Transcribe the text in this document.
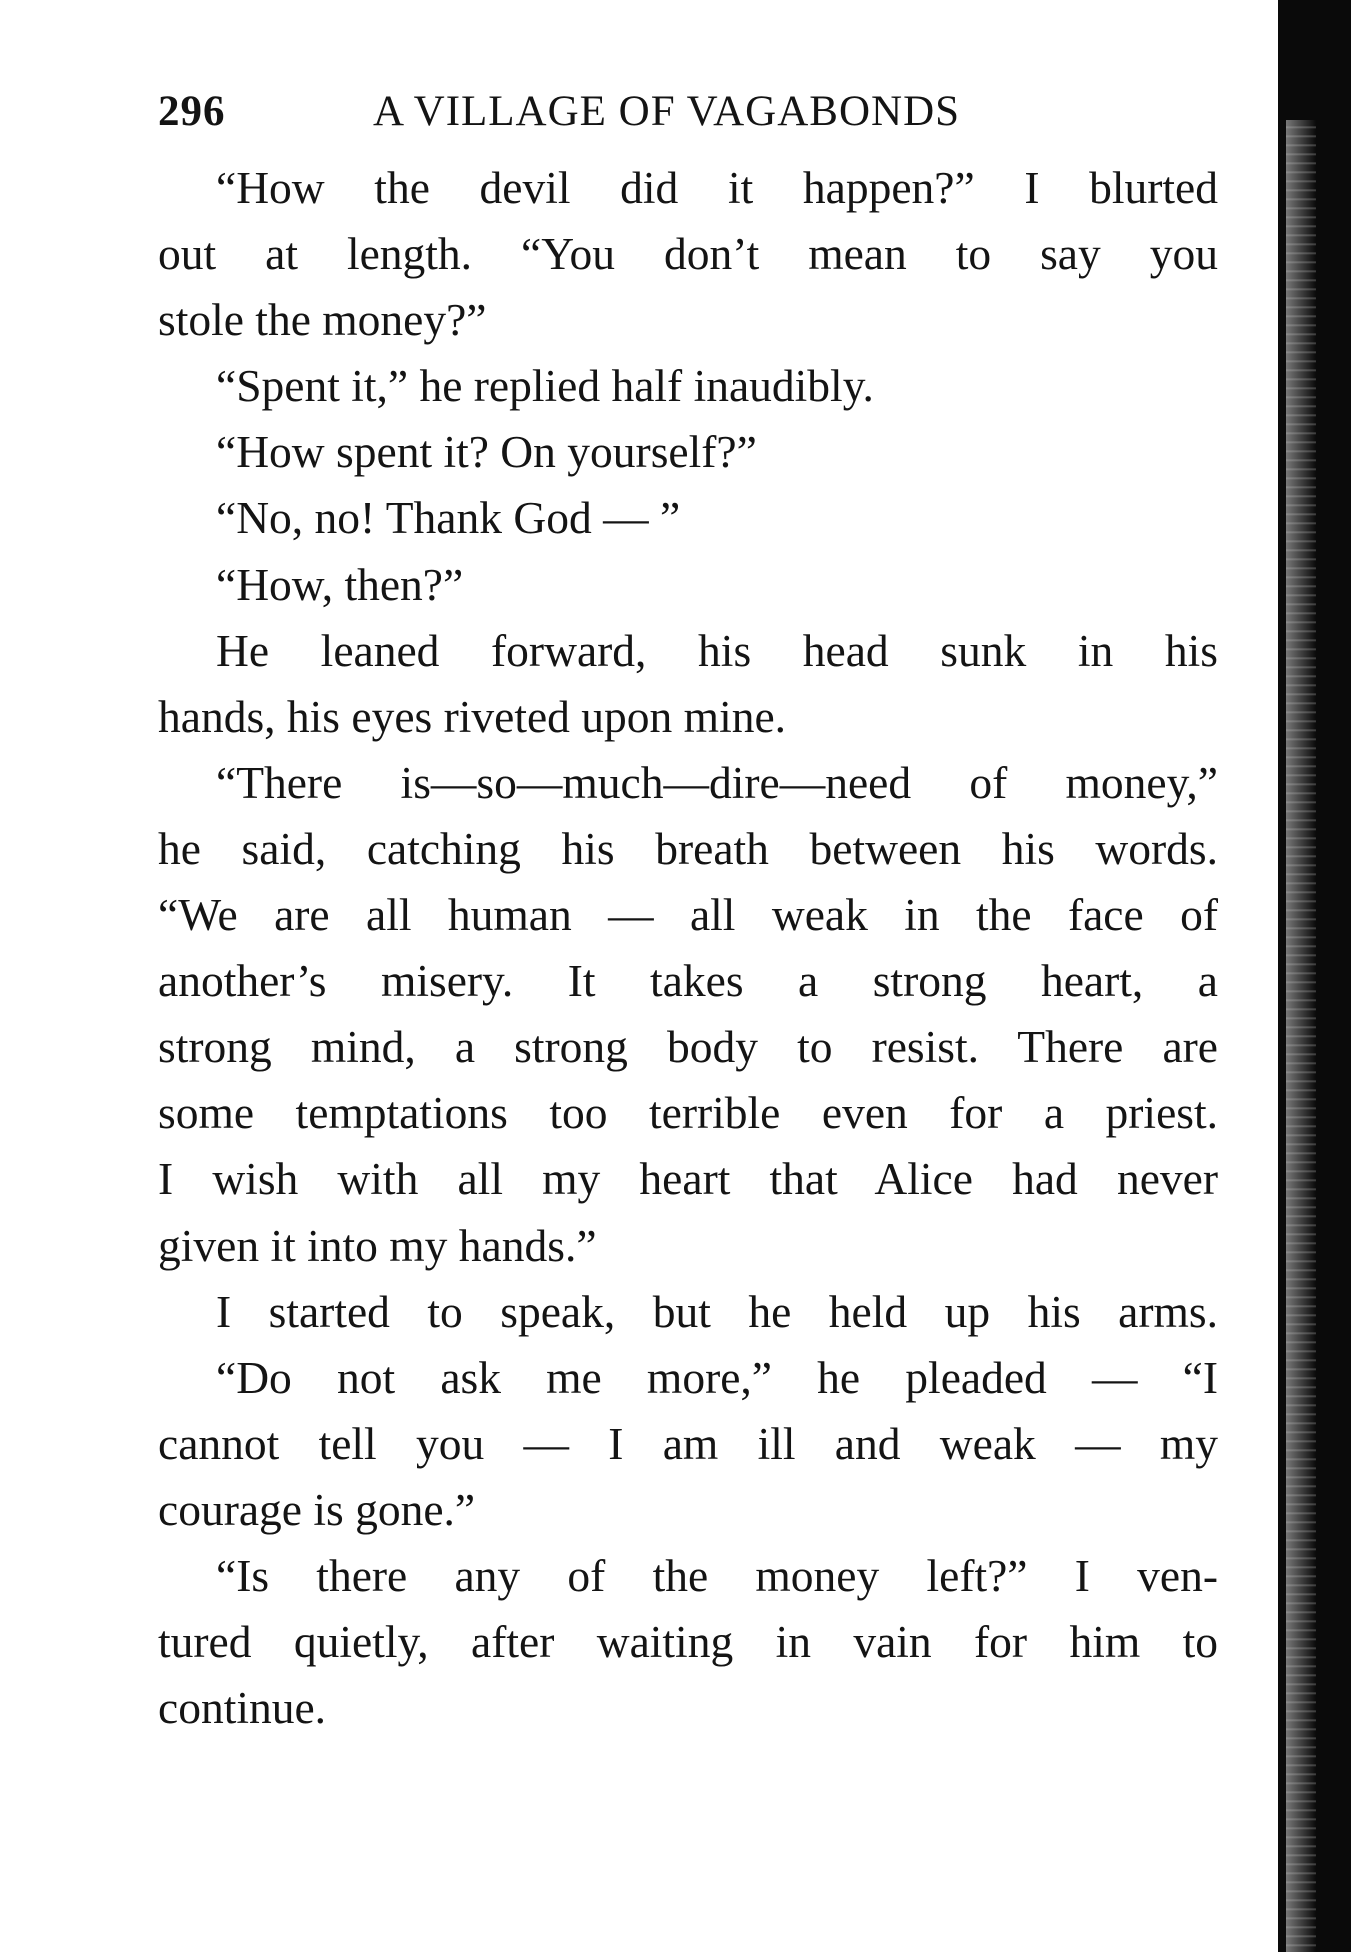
296	A VILLAGE OF VAGABONDS
“How the devil did it happen?” I blurted
out at length. “You don’t mean to say you
stole the money?”
“Spent it,” he replied half inaudibly.
“How spent it? On yourself?”
“No, no! Thank God — ”
“How, then?”
He leaned forward, his head sunk in his
hands, his eyes riveted upon mine.
“There is—so—much—dire—need of money,”
he said, catching his breath between his words.
“We are all human — all weak in the face of
another’s misery. It takes a strong heart, a
strong mind, a strong body to resist. There are
some temptations too terrible even for a priest.
I wish with all my heart that Alice had never
given it into my hands.”
I started to speak, but he held up his arms.
“Do not ask me more,” he pleaded — “I
cannot tell you — I am ill and weak — my
courage is gone.”
“Is there any of the money left?” I ven-
tured quietly, after waiting in vain for him to
continue.
